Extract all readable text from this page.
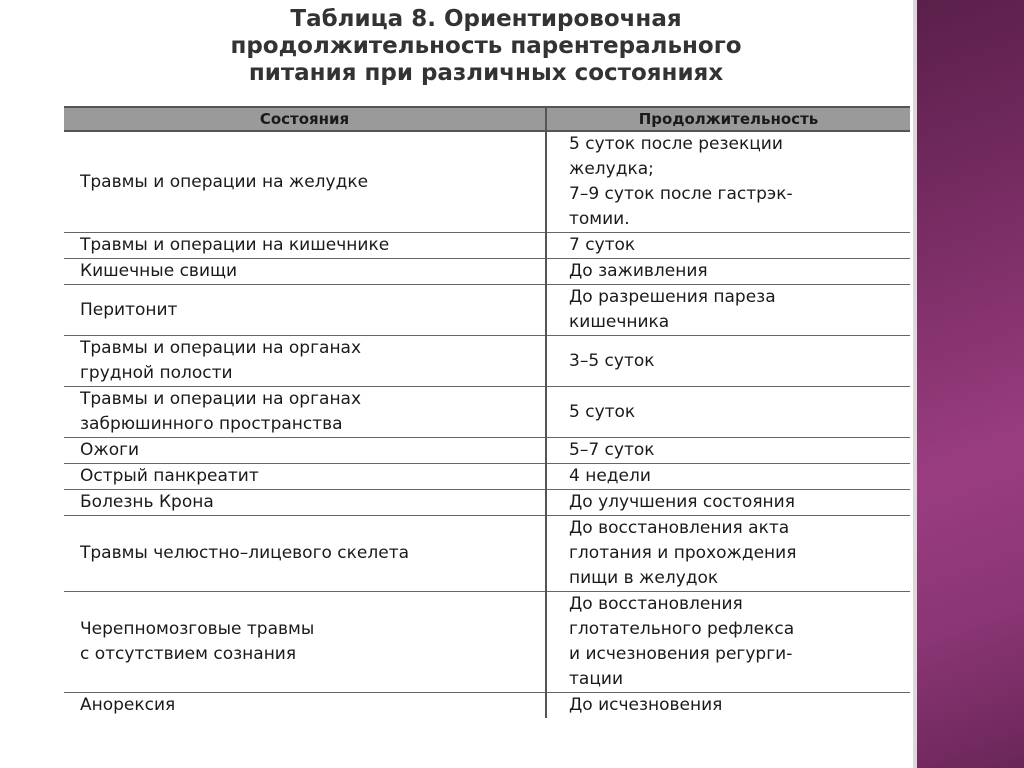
Таблица 8. Ориентировочная
продолжительность парентерального
питания при различных состояниях
Состояния	Продолжительность
Травмы и операции на желудке	5 суток после резекции
желудка;
7–9 суток после гастрэк-
томии.
Травмы и операции на кишечнике	7 суток
Кишечные свищи	До заживления
Перитонит	До разрешения пареза
кишечника
Травмы и операции на органах
грудной полости	3–5 суток
Травмы и операции на органах
забрюшинного пространства	5 суток
Ожоги	5–7 суток
Острый панкреатит	4 недели
Болезнь Крона	До улучшения состояния
Травмы челюстно–лицевого скелета	До восстановления акта
глотания и прохождения
пищи в желудок
Черепномозговые травмы
с отсутствием сознания	До восстановления
глотательного рефлекса
и исчезновения регурги-
тации
Анорексия	До исчезновения
